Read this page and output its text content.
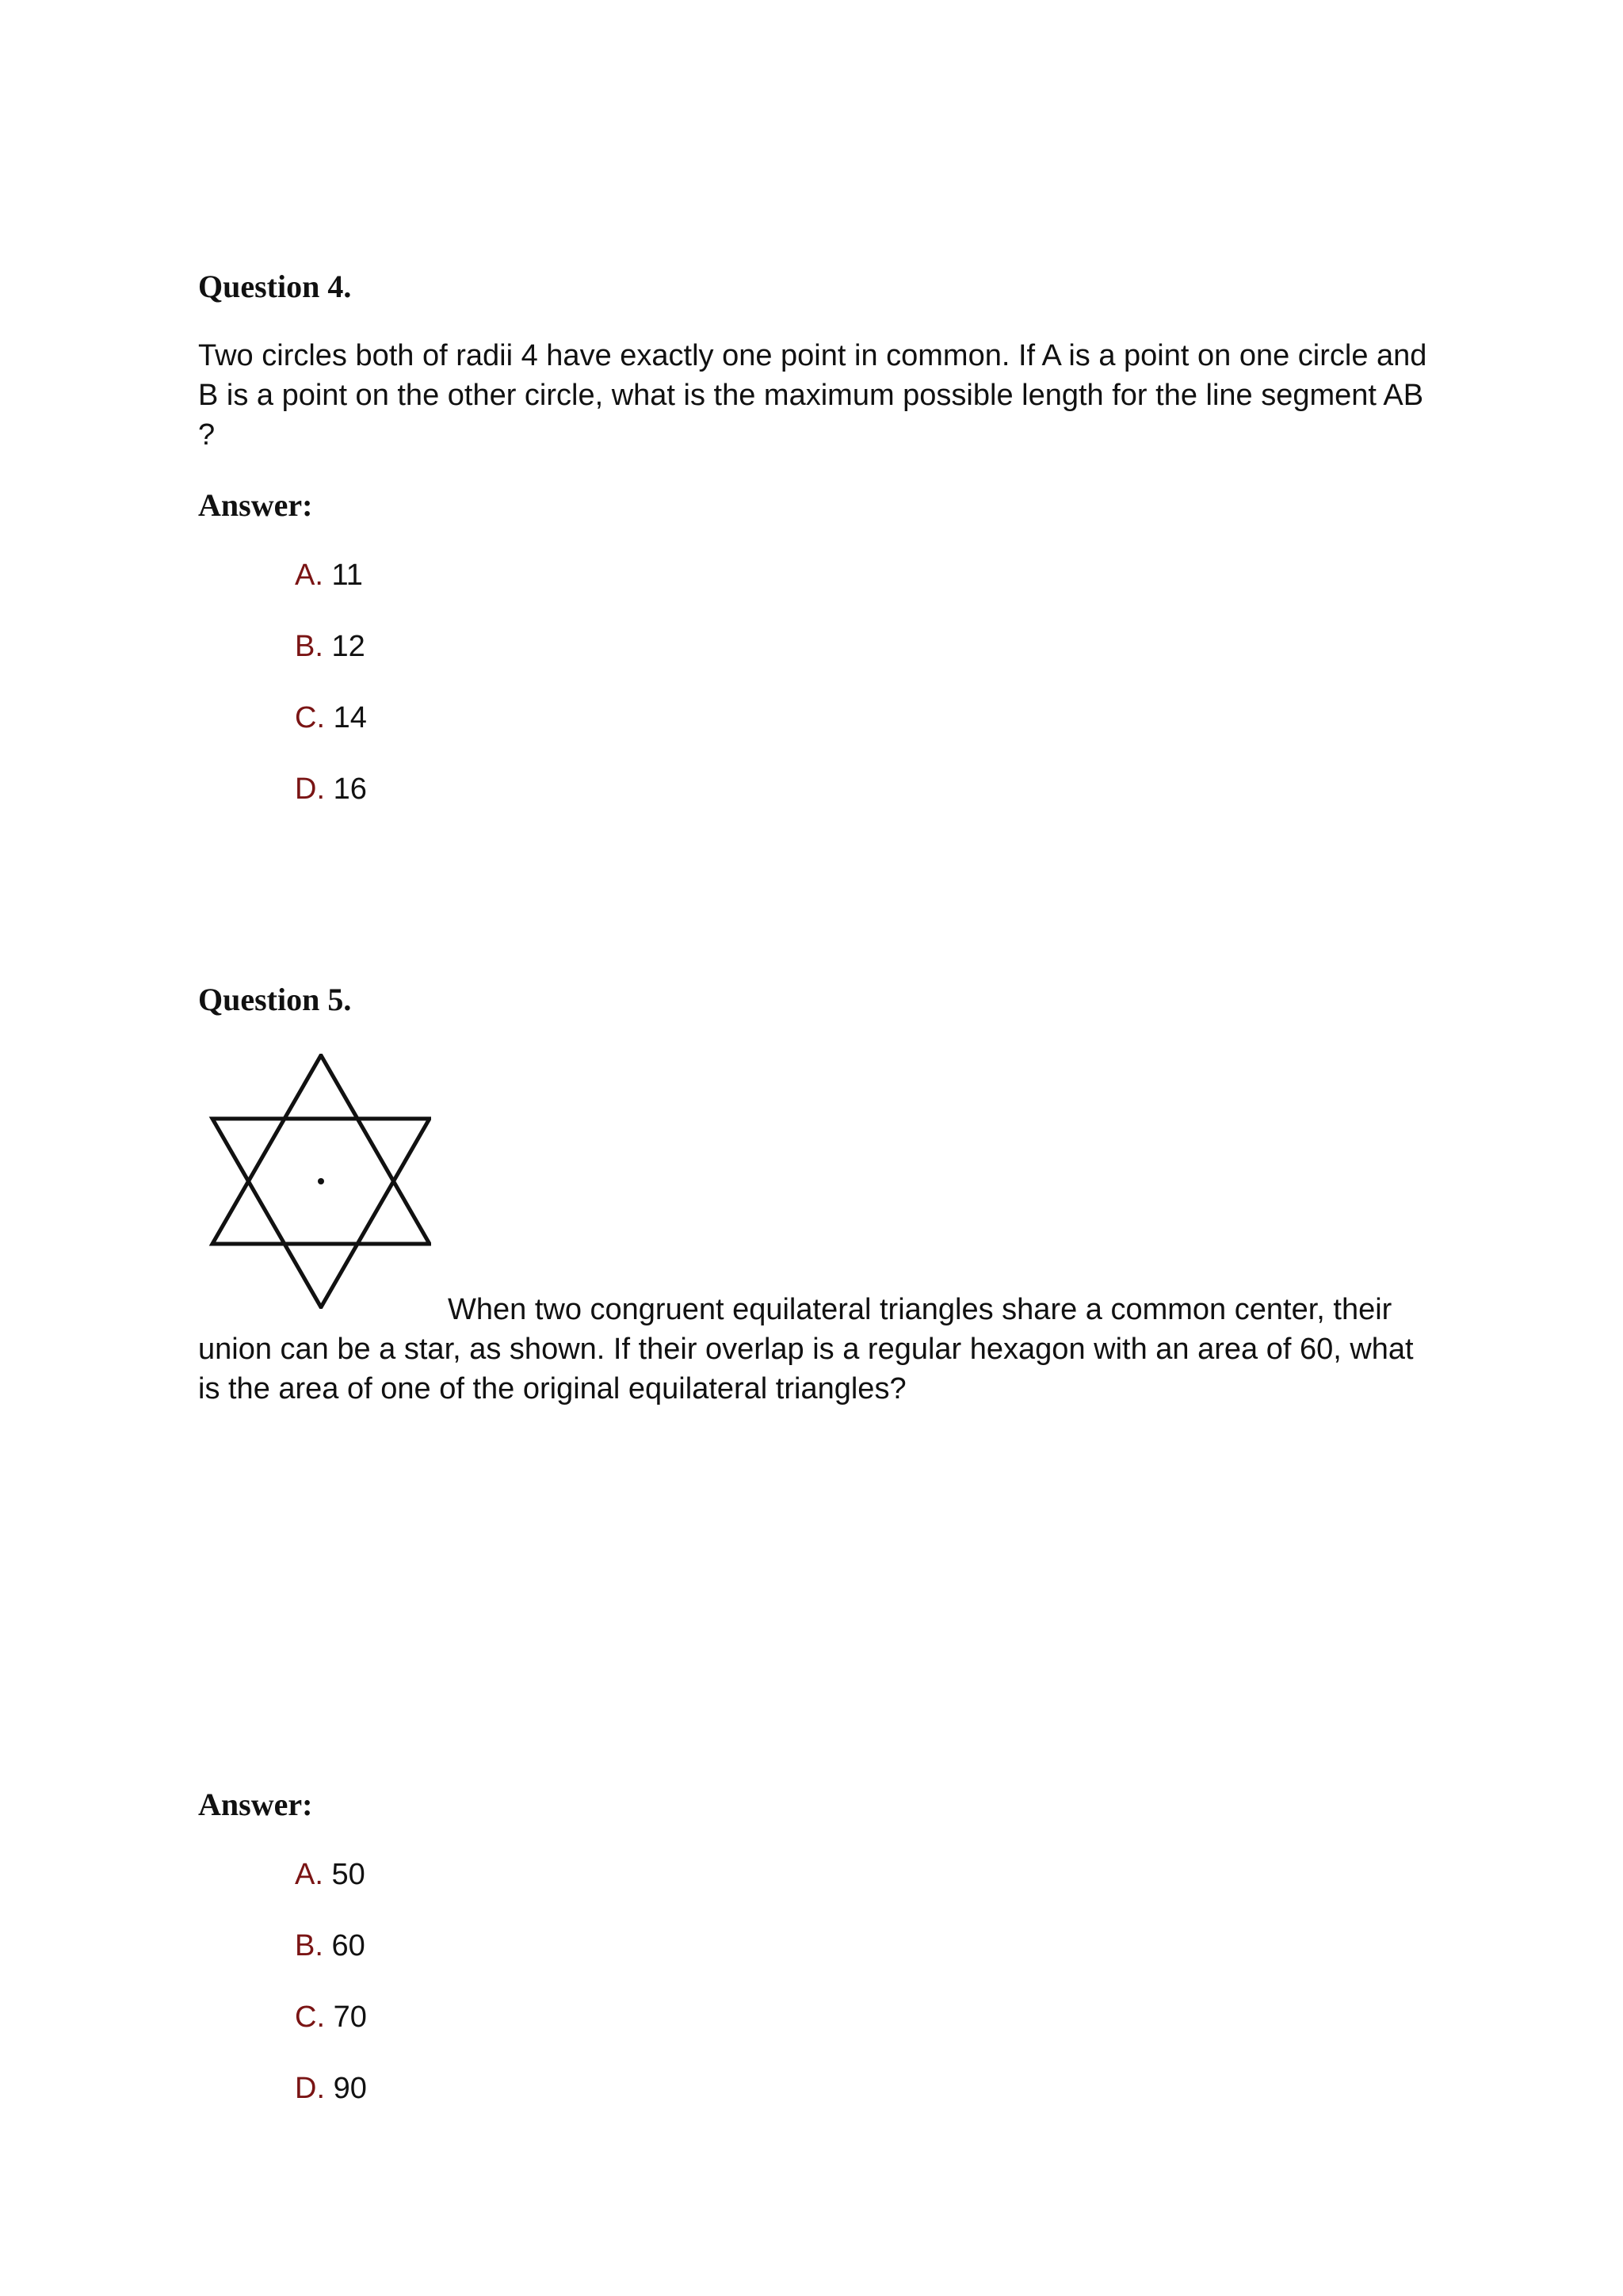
Question 4.

Two circles both of radii 4 have exactly one point in common. If A is a point on one circle and B is a point on the other circle, what is the maximum possible length for the line segment AB ?

Answer:
A. 11
B. 12
C. 14
D. 16
Question 5.

When two congruent equilateral triangles share a common center, their union can be a star, as shown. If their overlap is a regular hexagon with an area of 60, what is the area of one of the original equilateral triangles?

Answer:
A. 50
B. 60
C. 70
D. 90
